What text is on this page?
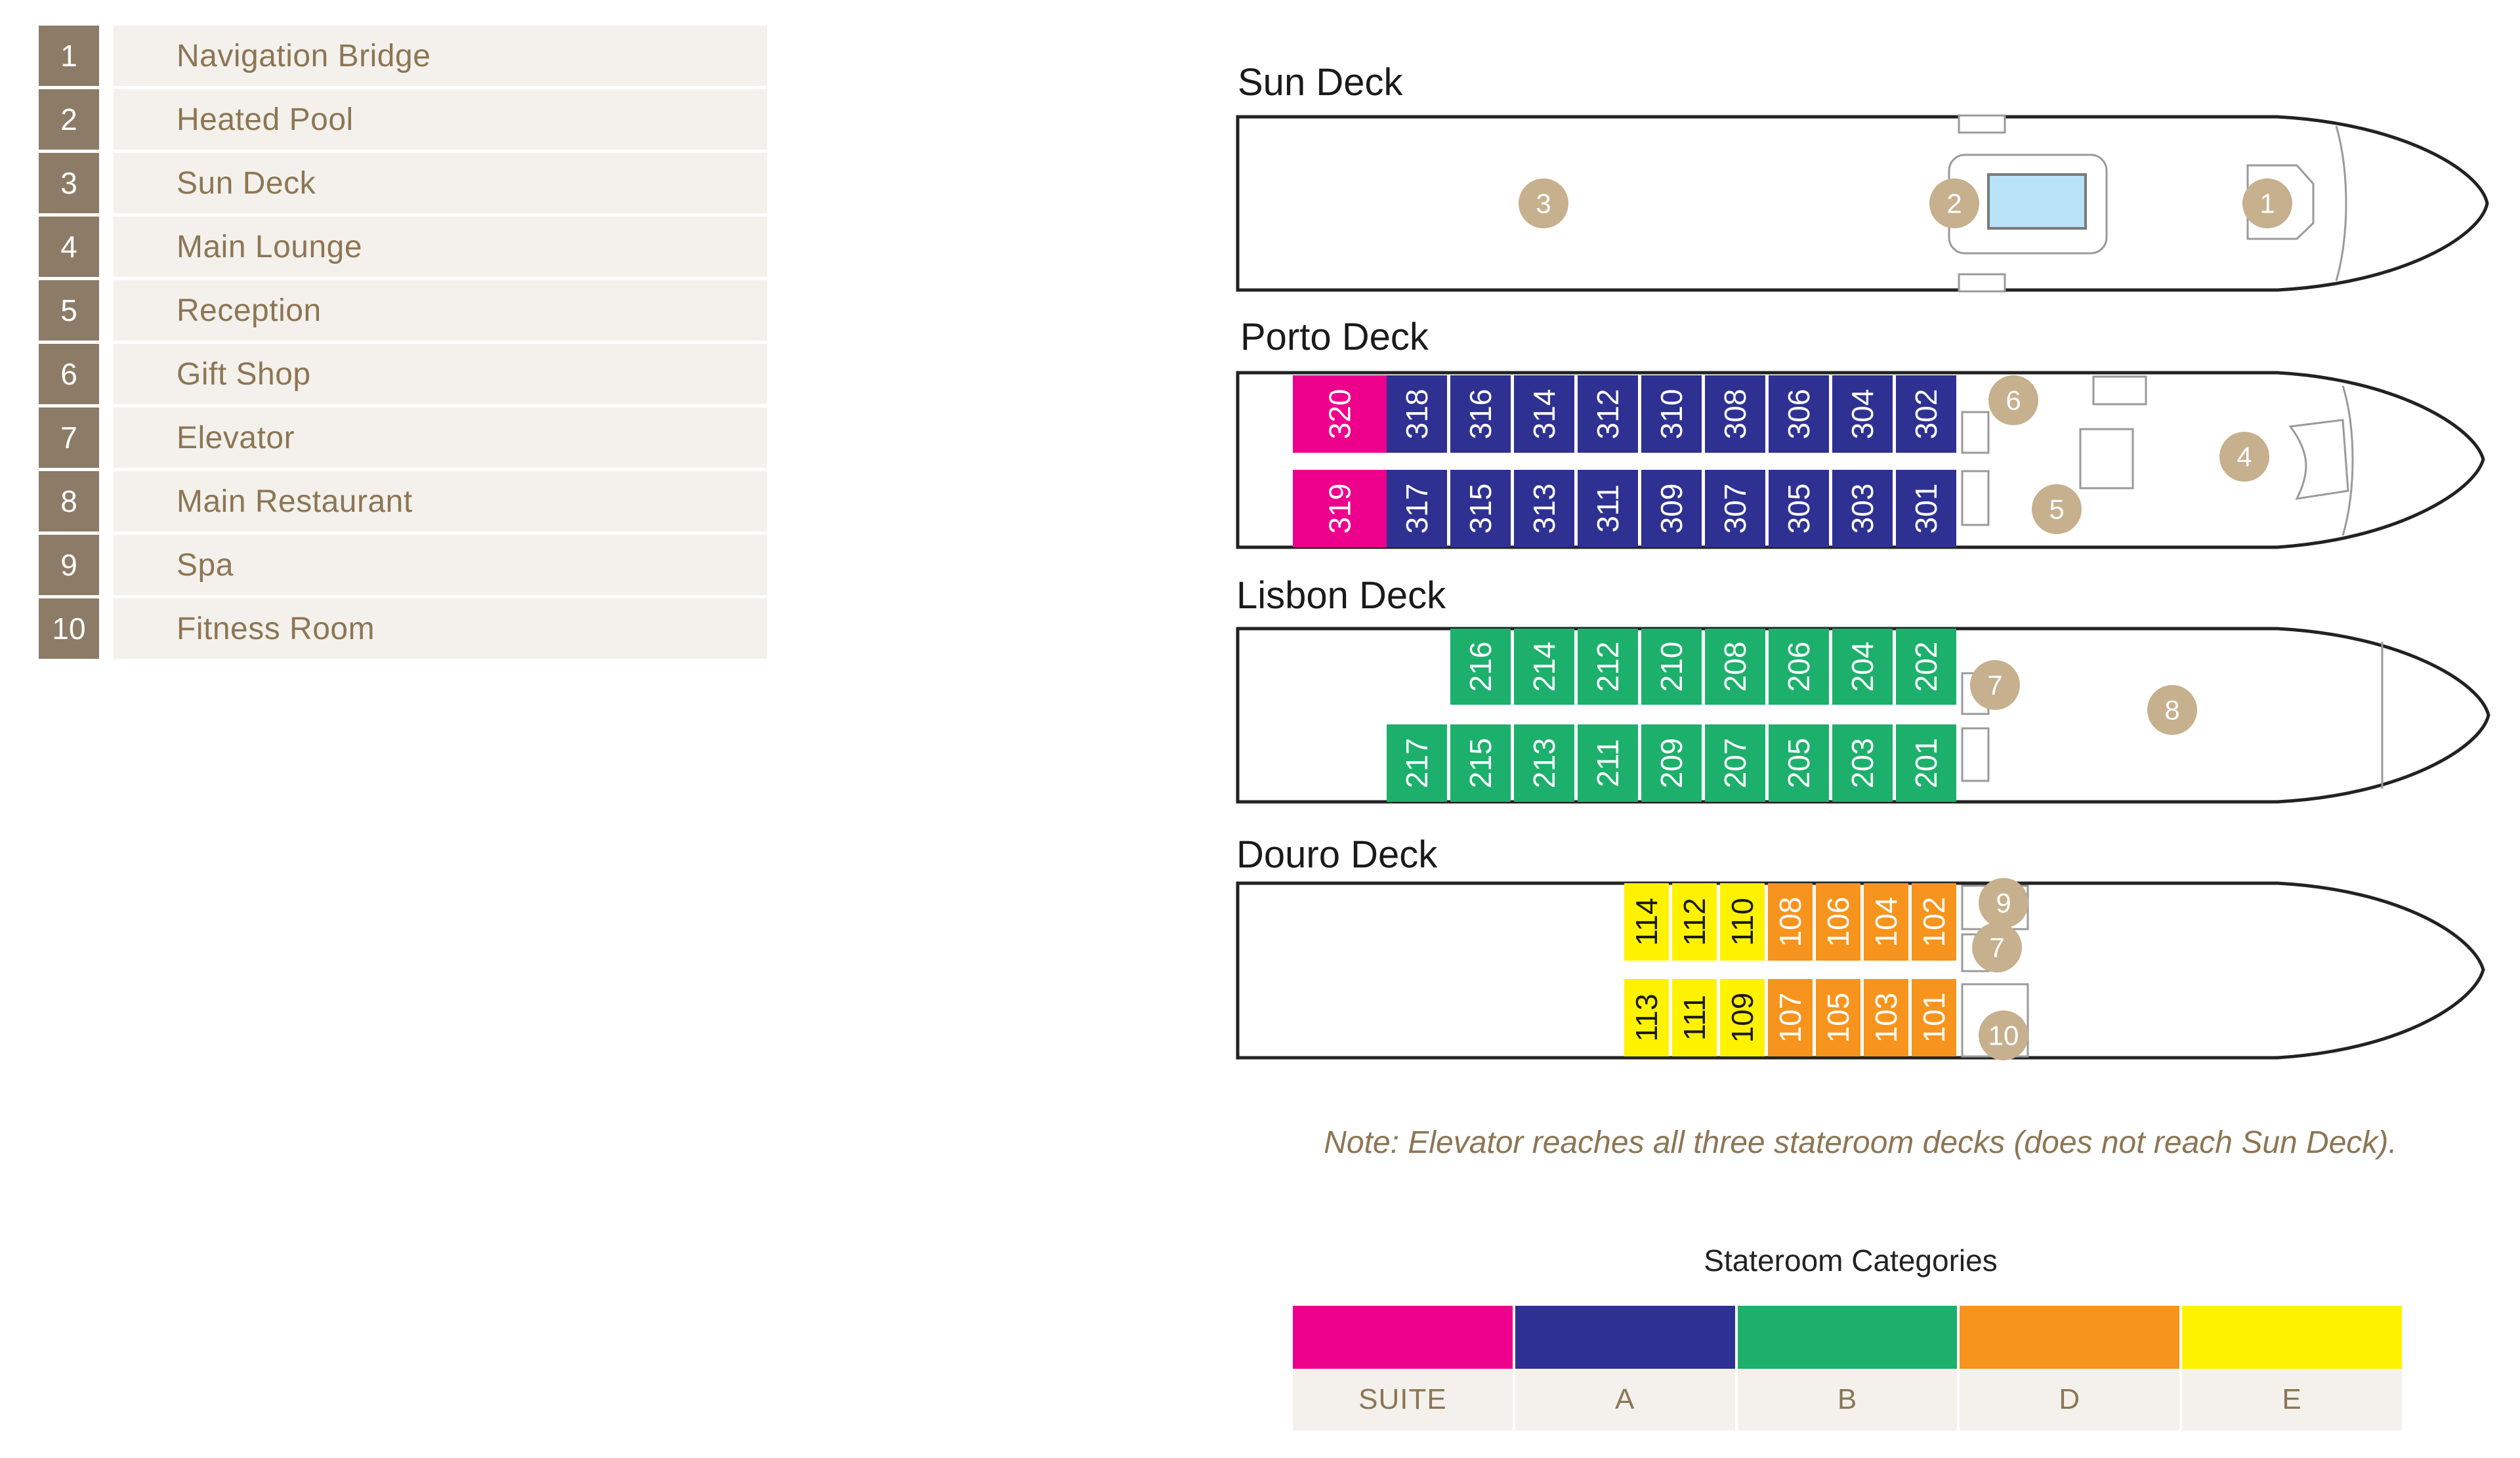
1	Navigation Bridge
2	Heated Pool
3	Sun Deck
4	Main Lounge
5	Reception
6	Gift Shop
7	Elevator
8	Main Restaurant
9	Spa
10	Fitness Room
Sun Deck
Porto Deck
320 318 316 314 312 310 308 306 304 302
319 317 315 313 311 309 307 305 303 301
Lisbon Deck
216 214 212 210 208 206 204 202
217 215 213 211 209 207 205 203 201
Douro Deck
114 112 110 108 106 104 102
113 111 109 107 105 103 101
3	2	1
6
5
4
7
8
9
7
10
Note: Elevator reaches all three stateroom decks (does not reach Sun Deck).
Stateroom Categories
SUITE	A	B	D	E
